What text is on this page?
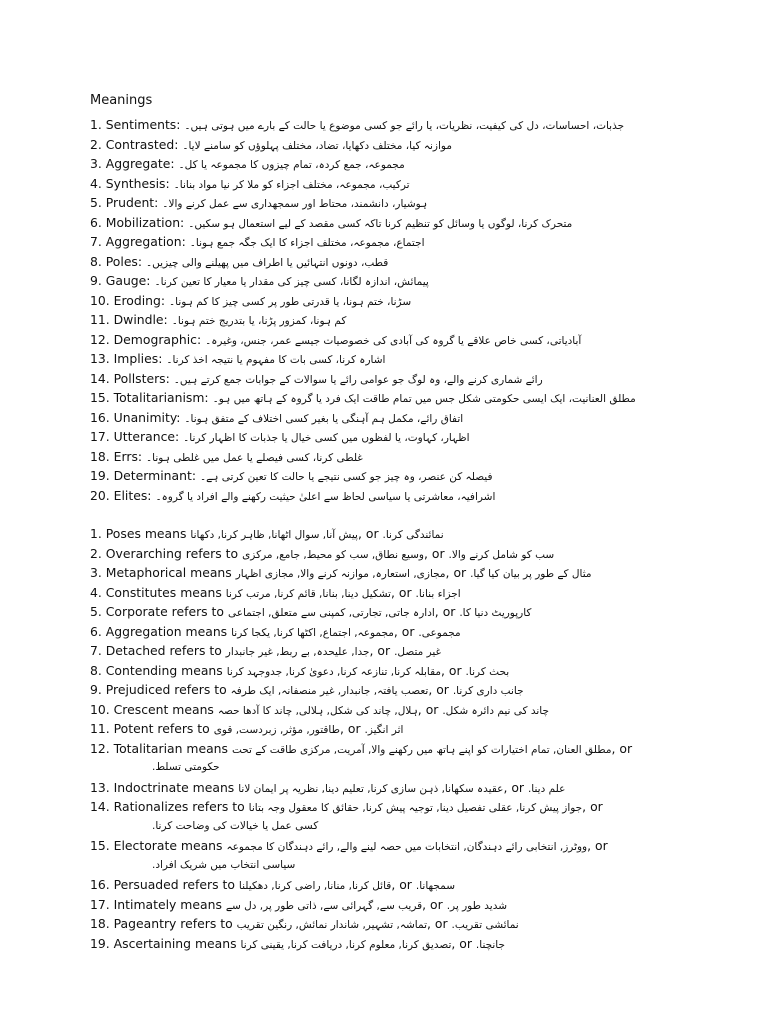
Meanings
1. Sentiments: جذبات، احساسات، دل کی کیفیت، نظریات، یا رائے جو کسی موضوع یا حالت کے بارے میں ہوتی ہیں۔
2. Contrasted: موازنہ کیا، مختلف دکھایا، تضاد، مختلف پہلوؤں کو سامنے لایا۔
3. Aggregate: مجموعہ، جمع کردہ، تمام چیزوں کا مجموعہ یا کل۔
4. Synthesis: ترکیب، مجموعہ، مختلف اجزاء کو ملا کر نیا مواد بنانا۔
5. Prudent: ہوشیار، دانشمند، محتاط اور سمجھداری سے عمل کرنے والا۔
6. Mobilization: متحرک کرنا، لوگوں یا وسائل کو تنظیم کرنا تاکہ کسی مقصد کے لیے استعمال ہو سکیں۔
7. Aggregation: اجتماع، مجموعہ، مختلف اجزاء کا ایک جگہ جمع ہونا۔
8. Poles: قطب، دونوں انتہائیں یا اطراف میں پھیلنے والی چیزیں۔
9. Gauge: پیمائش، اندازہ لگانا، کسی چیز کی مقدار یا معیار کا تعین کرنا۔
10. Eroding: سڑنا، ختم ہونا، یا قدرتی طور پر کسی چیز کا کم ہونا۔
11. Dwindle: کم ہونا، کمزور پڑنا، یا بتدریج ختم ہونا۔
12. Demographic: آبادیاتی، کسی خاص علاقے یا گروہ کی آبادی کی خصوصیات جیسے عمر، جنس، وغیرہ۔
13. Implies: اشارہ کرنا، کسی بات کا مفہوم یا نتیجہ اخذ کرنا۔
14. Pollsters: رائے شماری کرنے والے، وہ لوگ جو عوامی رائے یا سوالات کے جوابات جمع کرتے ہیں۔
15. Totalitarianism: مطلق العنانیت، ایک ایسی حکومتی شکل جس میں تمام طاقت ایک فرد یا گروہ کے ہاتھ میں ہو۔
16. Unanimity: اتفاق رائے، مکمل ہم آہنگی یا بغیر کسی اختلاف کے متفق ہونا۔
17. Utterance: اظہار، کہاوت، یا لفظوں میں کسی خیال یا جذبات کا اظہار کرنا۔
18. Errs: غلطی کرنا، کسی فیصلے یا عمل میں غلطی ہونا۔
19. Determinant: فیصلہ کن عنصر، وہ چیز جو کسی نتیجے یا حالت کا تعین کرتی ہے۔
20. Elites: اشرافیہ، معاشرتی یا سیاسی لحاظ سے اعلیٰ حیثیت رکھنے والے افراد یا گروہ۔
1. Poses means پیش آنا, سوال اٹھانا, ظاہر کرنا, دکھانا, or نمائندگی کرنا.
2. Overarching refers to وسیع نطاق, سب کو محیط, جامع, مرکزی, or سب کو شامل کرنے والا.
3. Metaphorical means مجازی, استعارہ, موازنہ کرنے والا, مجازی اظہار, or مثال کے طور پر بیان کیا گیا.
4. Constitutes means تشکیل دینا, بنانا, قائم کرنا, مرتب کرنا, or اجزاء بنانا.
5. Corporate refers to ادارہ جاتی, تجارتی, کمپنی سے متعلق, اجتماعی, or کارپوریٹ دنیا کا.
6. Aggregation means مجموعہ, اجتماع, اکٹھا کرنا, یکجا کرنا, or مجموعی.
7. Detached refers to جدا, علیحدہ, بے ربط, غیر جانبدار, or غیر متصل.
8. Contending means مقابلہ کرنا, تنازعہ کرنا, دعویٰ کرنا, جدوجہد کرنا, or بحث کرنا.
9. Prejudiced refers to تعصب یافتہ, جانبدار, غیر منصفانہ, ایک طرفہ, or جانب داری کرنا.
10. Crescent means ہلال, چاند کی شکل, ہلالی, چاند کا آدھا حصہ, or چاند کی نیم دائرہ شکل.
11. Potent refers to طاقتور, مؤثر, زبردست, قوی, or اثر انگیز.
12. Totalitarian means مطلق العنان, تمام اختیارات کو اپنے ہاتھ میں رکھنے والا, آمریت, مرکزی طاقت کے تحت, or
حکومتی تسلط.
13. Indoctrinate means عقیدہ سکھانا, ذہن سازی کرنا, تعلیم دینا, نظریہ پر ایمان لانا, or علم دینا.
14. Rationalizes refers to جواز پیش کرنا, عقلی تفصیل دینا, توجیہ پیش کرنا, حقائق کا معقول وجہ بتانا, or
کسی عمل یا خیالات کی وضاحت کرنا.
15. Electorate means ووٹرز, انتخابی رائے دہندگان, انتخابات میں حصہ لینے والے, رائے دہندگان کا مجموعہ, or
سیاسی انتخاب میں شریک افراد.
16. Persuaded refers to قائل کرنا, منانا, راضی کرنا, دھکیلنا, or سمجھانا.
17. Intimately means قریب سے, گہرائی سے, ذاتی طور پر, دل سے, or شدید طور پر.
18. Pageantry refers to تماشہ, تشہیر, شاندار نمائش, رنگین تقریب, or نمائشی تقریب.
19. Ascertaining means تصدیق کرنا, معلوم کرنا, دریافت کرنا, یقینی کرنا, or جانچنا.
